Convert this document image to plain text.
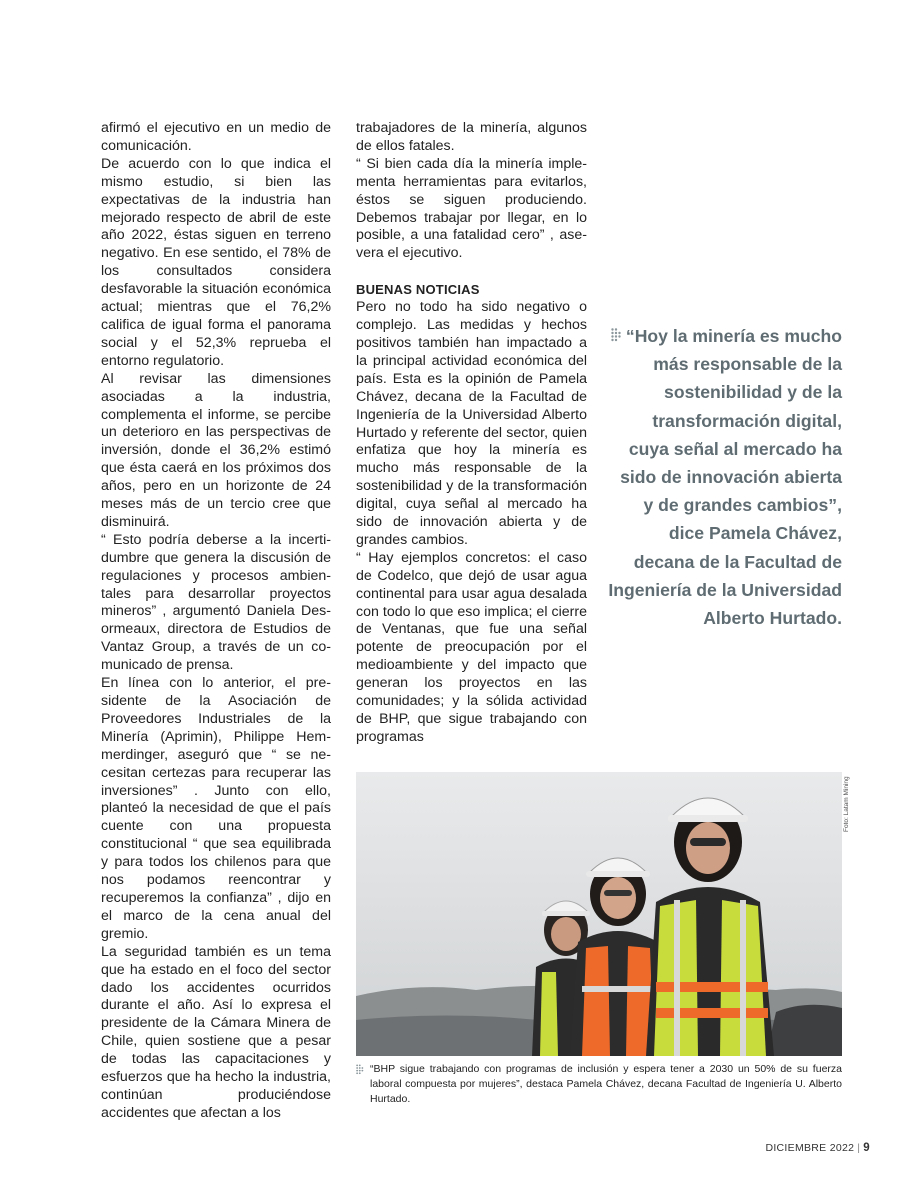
afirmó el ejecutivo en un medio de comunicación.

De acuerdo con lo que indica el mismo estudio, si bien las expectativas de la industria han mejorado respecto de abril de este año 2022, éstas siguen en terreno negativo. En ese sentido, el 78% de los consultados considera desfavorable la situación económica actual; mientras que el 76,2% califica de igual forma el panorama social y el 52,3% reprueba el entorno regulatorio.

Al revisar las dimensiones asociadas a la industria, complementa el informe, se percibe un deterioro en las perspectivas de inversión, donde el 36,2% estimó que ésta caerá en los próximos dos años, pero en un horizonte de 24 meses más de un tercio cree que disminuirá.

“ Esto podría deberse a la incertidumbre que genera la discusión de regulaciones y procesos ambientales para desarrollar proyectos mineros” , argumentó Daniela Desormeaux, directora de Estudios de Vantaz Group, a través de un comunicado de prensa.

En línea con lo anterior, el presidente de la Asociación de Proveedores Industriales de la Minería (Aprimin), Philippe Hemmerdinger, aseguró que “ se necesitan certezas para recuperar las inversiones” . Junto con ello, planteó la necesidad de que el país cuente con una propuesta constitucional “ que sea equilibrada y para todos los chilenos para que nos podamos reencontrar y recuperemos la confianza” , dijo en el marco de la cena anual del gremio.

La seguridad también es un tema que ha estado en el foco del sector dado los accidentes ocurridos durante el año. Así lo expresa el presidente de la Cámara Minera de Chile, quien sostiene que a pesar de todas las capacitaciones y esfuerzos que ha hecho la industria, continúan produciéndose accidentes que afectan a los

trabajadores de la minería, algunos de ellos fatales.

“ Si bien cada día la minería implementa herramientas para evitarlos, éstos se siguen produciendo. Debemos trabajar por llegar, en lo posible, a una fatalidad cero” , asevera el ejecutivo.

BUENAS NOTICIAS

Pero no todo ha sido negativo o complejo. Las medidas y hechos positivos también han impactado a la principal actividad económica del país. Esta es la opinión de Pamela Chávez, decana de la Facultad de Ingeniería de la Universidad Alberto Hurtado y referente del sector, quien enfatiza que hoy la minería es mucho más responsable de la sostenibilidad y de la transformación digital, cuya señal al mercado ha sido de innovación abierta y de grandes cambios.

“ Hay ejemplos concretos: el caso de Codelco, que dejó de usar agua continental para usar agua desalada con todo lo que eso implica; el cierre de Ventanas, que fue una señal potente de preocupación por el medioambiente y del impacto que generan los proyectos en las comunidades; y la sólida actividad de BHP, que sigue trabajando con programas

“Hoy la minería es mucho más responsable de la sostenibilidad y de la transformación digital, cuya señal al mercado ha sido de innovación abierta y de grandes cambios”, dice Pamela Chávez, decana de la Facultad de Ingeniería de la Universidad Alberto Hurtado.
Foto: Latam Mining
“BHP sigue trabajando con programas de inclusión y espera tener a 2030 un 50% de su fuerza laboral compuesta por mujeres”, destaca Pamela Chávez, decana Facultad de Ingeniería U. Alberto Hurtado.
DICIEMBRE 2022 | 9
